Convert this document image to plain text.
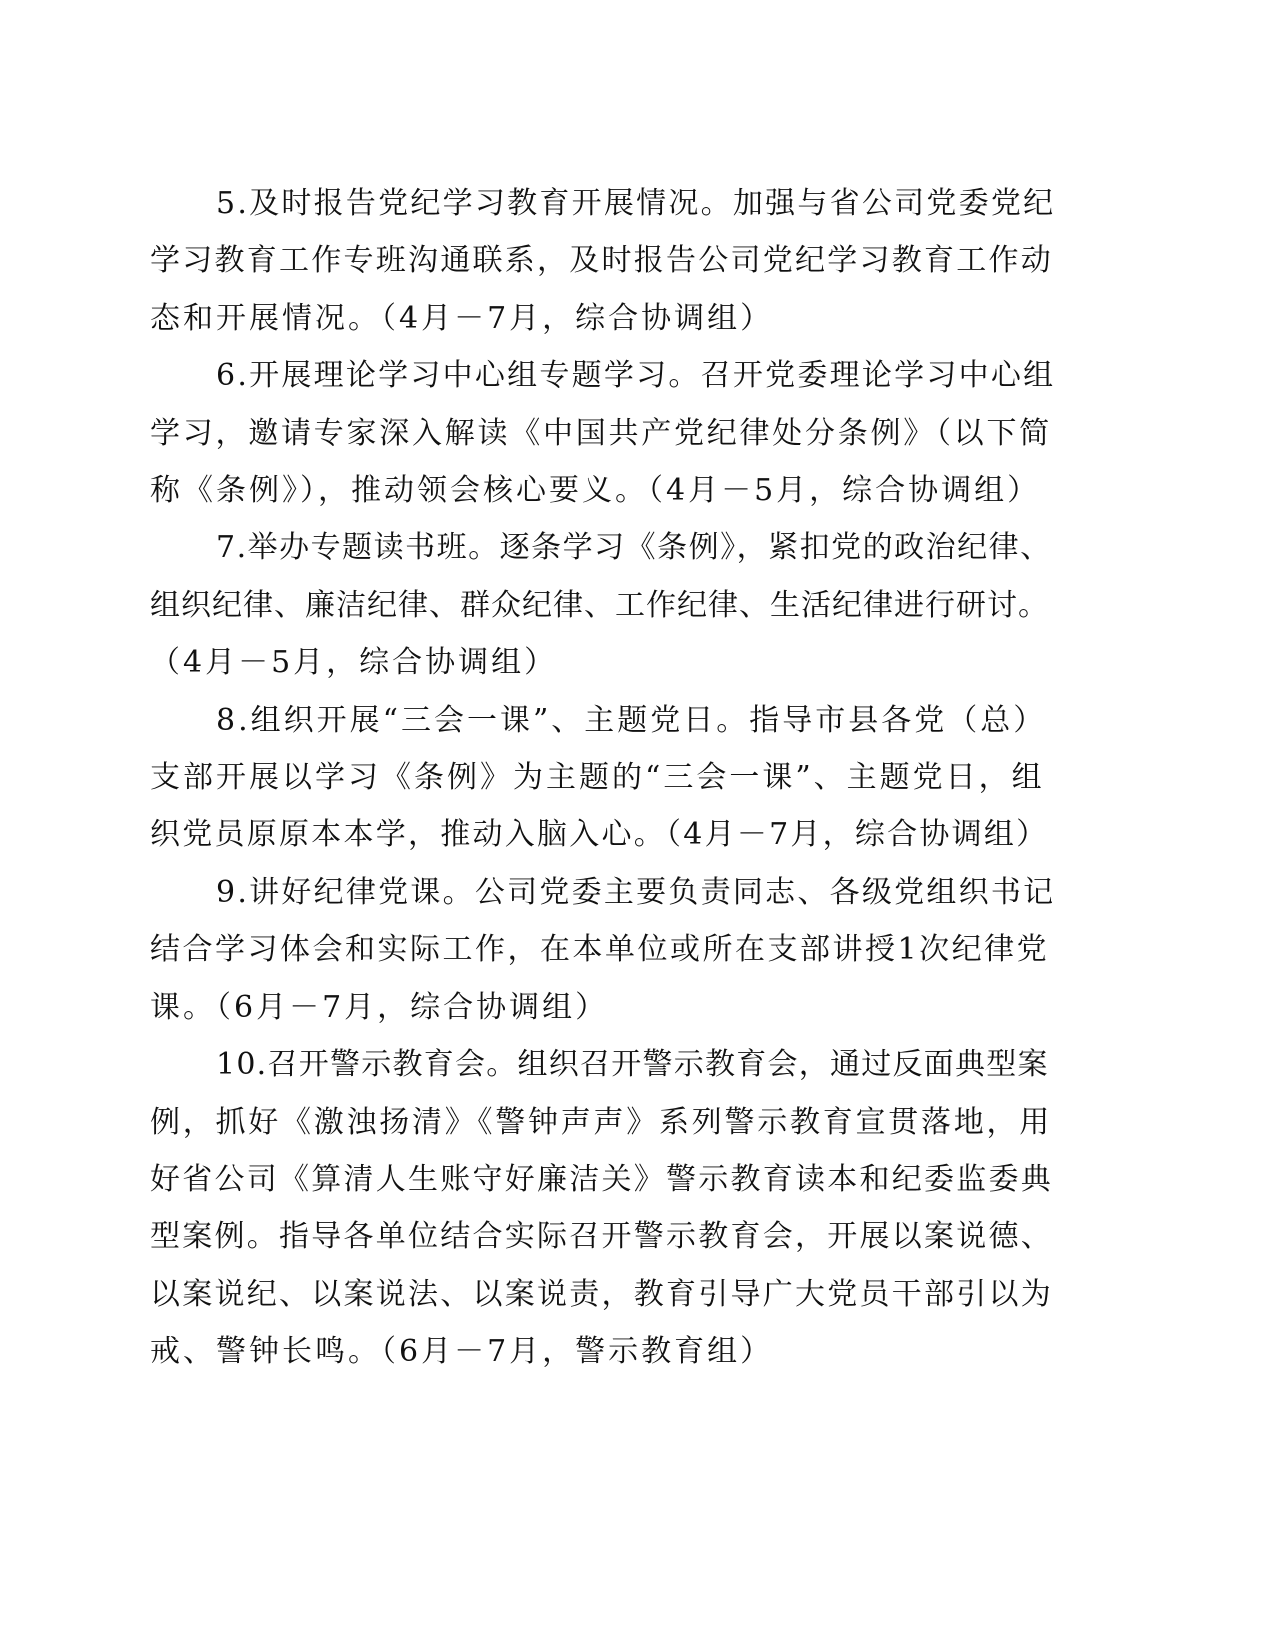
5.及时报告党纪学习教育开展情况。加强与省公司党委党纪
学习教育工作专班沟通联系，及时报告公司党纪学习教育工作动
态和开展情况。（4月－7月，综合协调组）

6.开展理论学习中心组专题学习。召开党委理论学习中心组
学习，邀请专家深入解读《中国共产党纪律处分条例》（以下简
称《条例》），推动领会核心要义。（4月－5月，综合协调组）

7.举办专题读书班。逐条学习《条例》，紧扣党的政治纪律、
组织纪律、廉洁纪律、群众纪律、工作纪律、生活纪律进行研讨。
（4月－5月，综合协调组）

8.组织开展“三会一课”、主题党日。指导市县各党（总）
支部开展以学习《条例》为主题的“三会一课”、主题党日，组
织党员原原本本学，推动入脑入心。（4月－7月，综合协调组）

9.讲好纪律党课。公司党委主要负责同志、各级党组织书记
结合学习体会和实际工作，在本单位或所在支部讲授1次纪律党
课。（6月－7月，综合协调组）

10.召开警示教育会。组织召开警示教育会，通过反面典型案
例，抓好《激浊扬清》《警钟声声》系列警示教育宣贯落地，用
好省公司《算清人生账守好廉洁关》警示教育读本和纪委监委典
型案例。指导各单位结合实际召开警示教育会，开展以案说德、
以案说纪、以案说法、以案说责，教育引导广大党员干部引以为
戒、警钟长鸣。（6月－7月，警示教育组）
